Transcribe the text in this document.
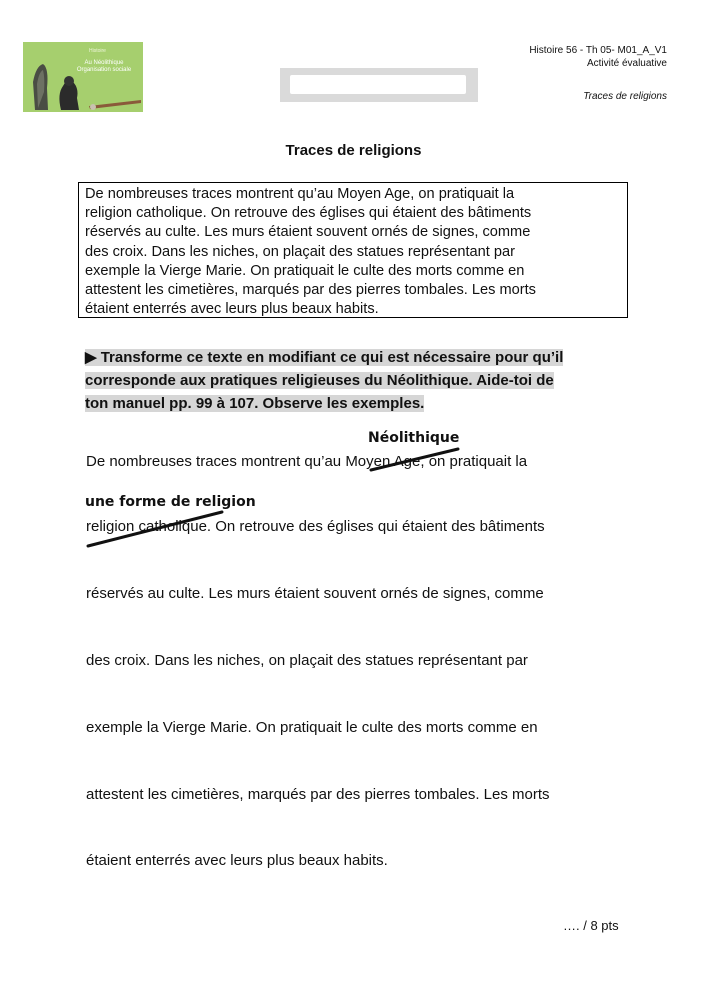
Histoire
Au Néolithique
Organisation sociale
Histoire 56 - Th 05- M01_A_V1
Activité évaluative
Traces de religions
Traces de religions

De nombreuses traces montrent qu’au Moyen Age, on pratiquait la

religion catholique. On retrouve des églises qui étaient des bâtiments

réservés au culte. Les murs étaient souvent ornés de signes, comme

des croix. Dans les niches, on plaçait des statues représentant par

exemple la Vierge Marie. On pratiquait le culte des morts comme en

attestent les cimetières, marqués par des pierres tombales. Les morts

étaient enterrés avec leurs plus beaux habits.

▶ Transforme ce texte en modifiant ce qui est nécessaire pour qu’il
corresponde aux pratiques religieuses du Néolithique. Aide-toi de
ton manuel pp. 99 à 107. Observe les exemples.
Néolithique
une forme de religion
De nombreuses traces montrent qu’au Moyen Age, on pratiquait la
religion catholique. On retrouve des églises qui étaient des bâtiments
réservés au culte. Les murs étaient souvent ornés de signes, comme
des croix. Dans les niches, on plaçait des statues représentant par
exemple la Vierge Marie. On pratiquait le culte des morts comme en
attestent les cimetières, marqués par des pierres tombales. Les morts
étaient enterrés avec leurs plus beaux habits.
…. / 8 pts
